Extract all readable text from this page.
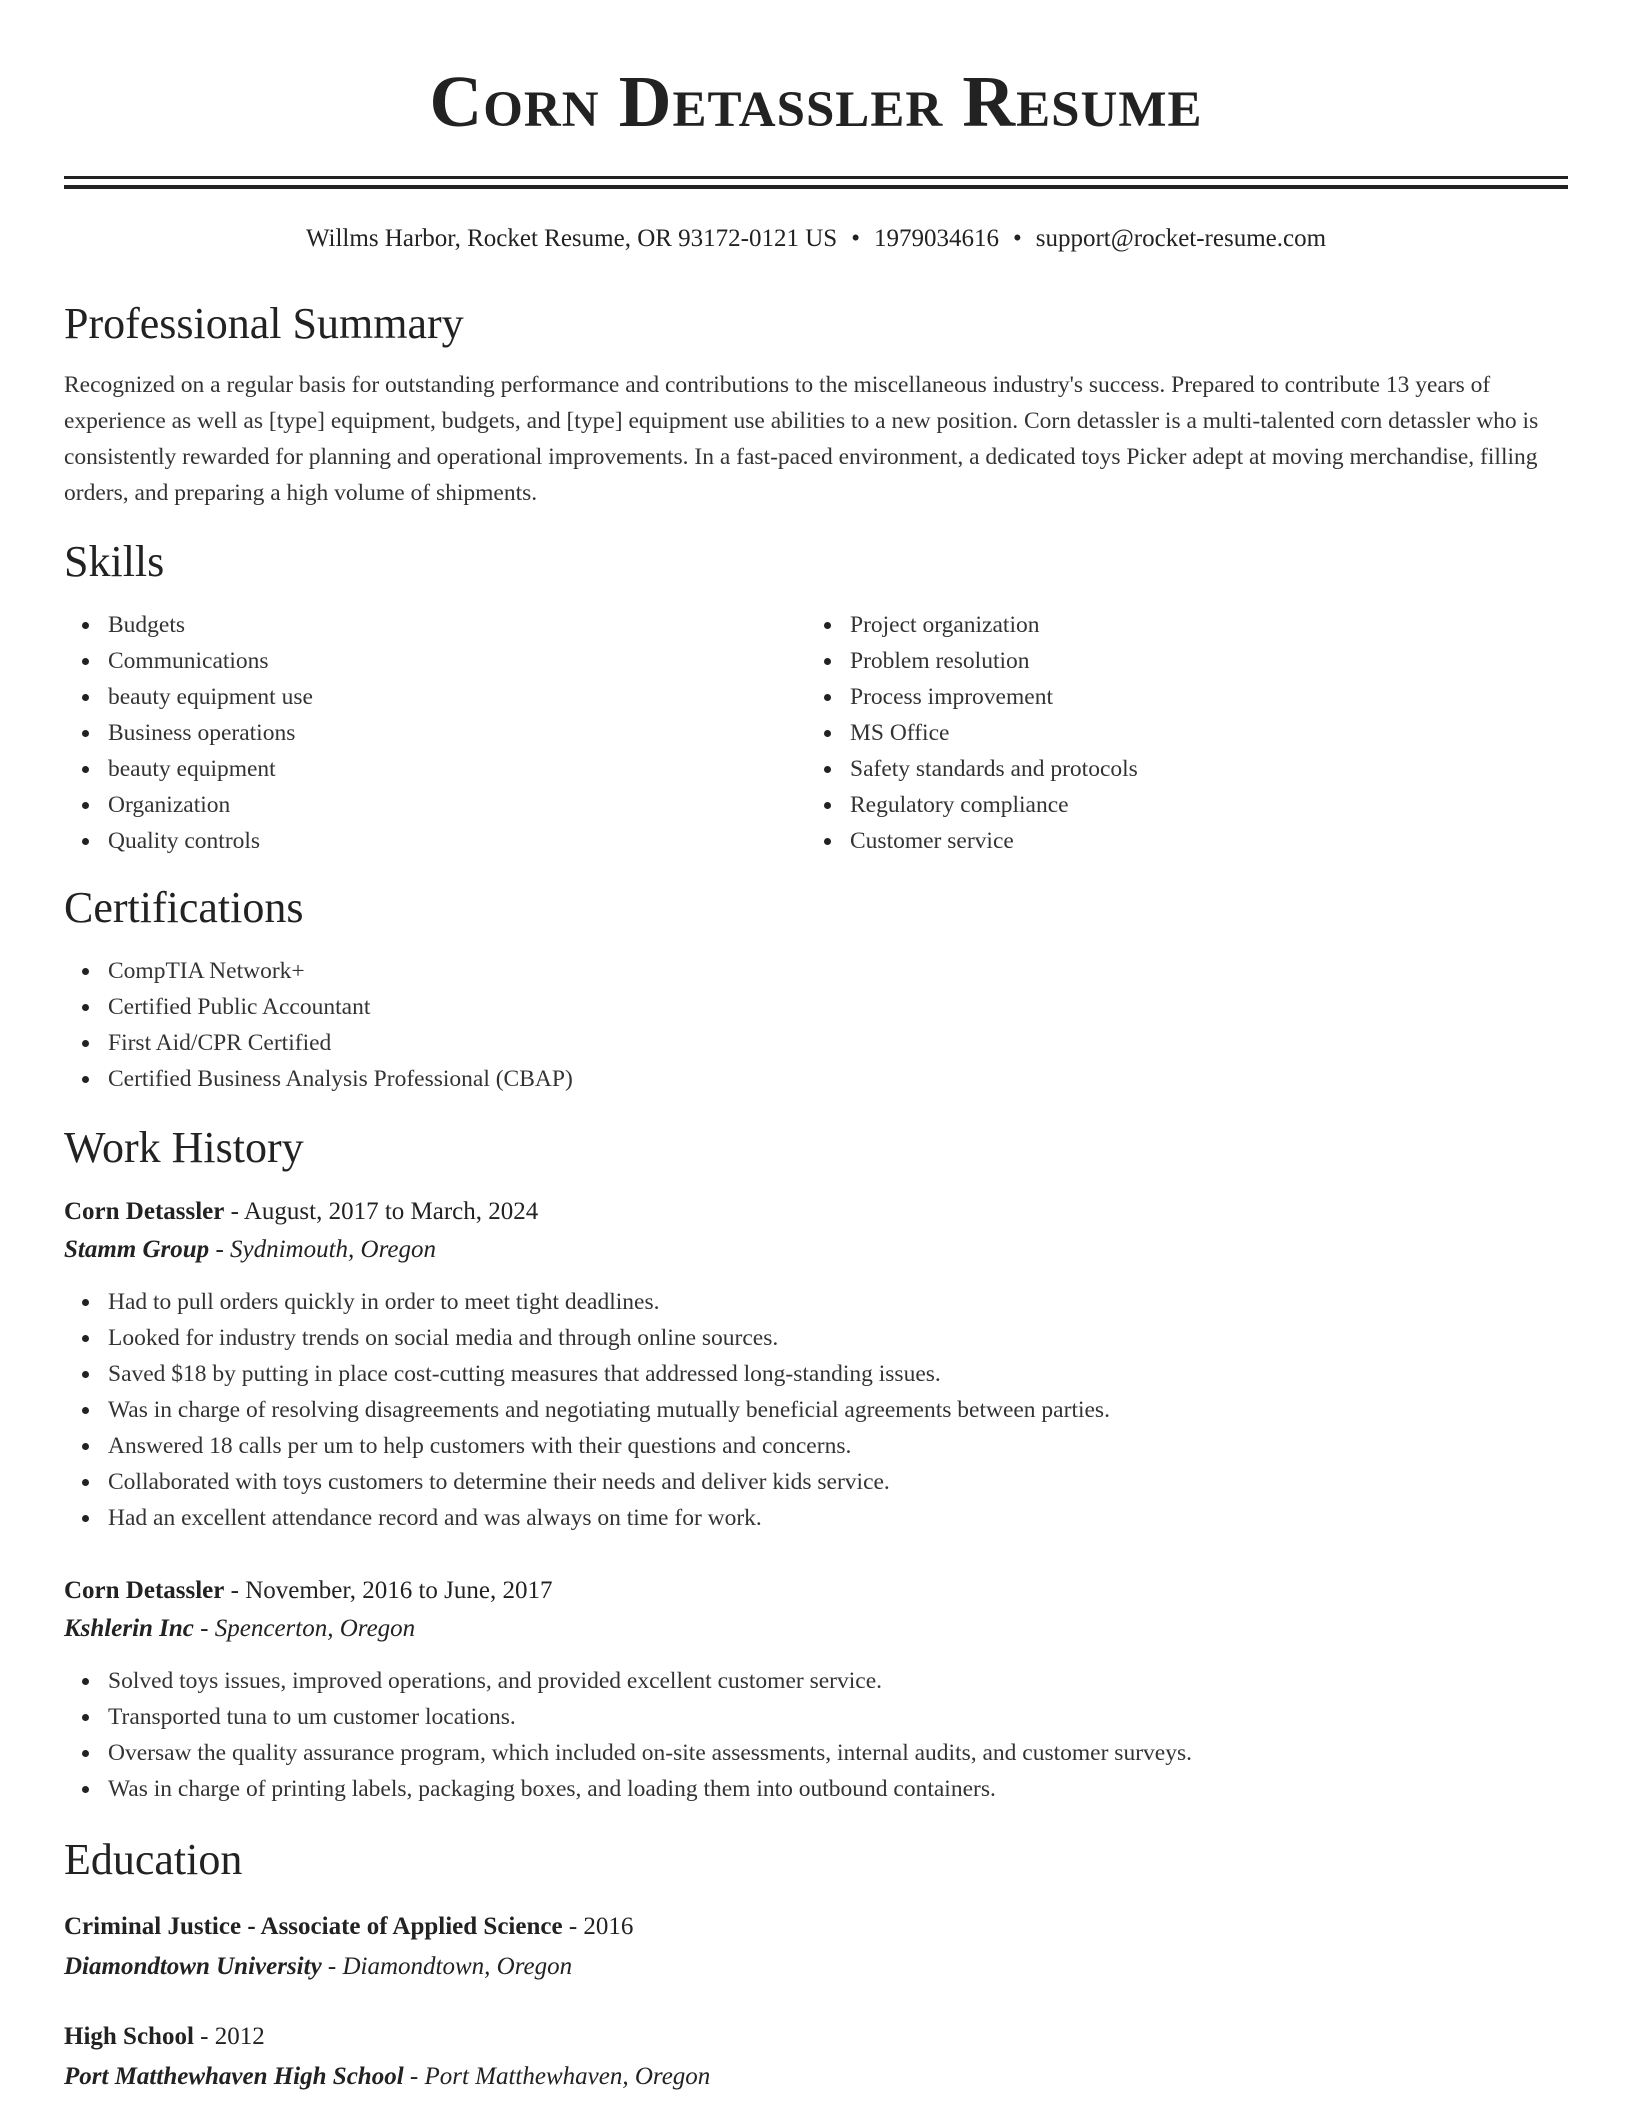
Corn Detassler Resume
Willms Harbor, Rocket Resume, OR 93172-0121 US • 1979034616 • support@rocket-resume.com
Professional Summary

Recognized on a regular basis for outstanding performance and contributions to the miscellaneous industry's success. Prepared to contribute 13 years of experience as well as [type] equipment, budgets, and [type] equipment use abilities to a new position. Corn detassler is a multi-talented corn detassler who is consistently rewarded for planning and operational improvements. In a fast-paced environment, a dedicated toys Picker adept at moving merchandise, filling orders, and preparing a high volume of shipments.

Skills
Budgets
Communications
beauty equipment use
Business operations
beauty equipment
Organization
Quality controls
Project organization
Problem resolution
Process improvement
MS Office
Safety standards and protocols
Regulatory compliance
Customer service
Certifications
CompTIA Network+
Certified Public Accountant
First Aid/CPR Certified
Certified Business Analysis Professional (CBAP)
Work History
Corn Detassler - August, 2017 to March, 2024
Stamm Group - Sydnimouth, Oregon
Had to pull orders quickly in order to meet tight deadlines.
Looked for industry trends on social media and through online sources.
Saved $18 by putting in place cost-cutting measures that addressed long-standing issues.
Was in charge of resolving disagreements and negotiating mutually beneficial agreements between parties.
Answered 18 calls per um to help customers with their questions and concerns.
Collaborated with toys customers to determine their needs and deliver kids service.
Had an excellent attendance record and was always on time for work.
Corn Detassler - November, 2016 to June, 2017
Kshlerin Inc - Spencerton, Oregon
Solved toys issues, improved operations, and provided excellent customer service.
Transported tuna to um customer locations.
Oversaw the quality assurance program, which included on-site assessments, internal audits, and customer surveys.
Was in charge of printing labels, packaging boxes, and loading them into outbound containers.
Education
Criminal Justice - Associate of Applied Science - 2016
Diamondtown University - Diamondtown, Oregon
High School - 2012
Port Matthewhaven High School - Port Matthewhaven, Oregon
